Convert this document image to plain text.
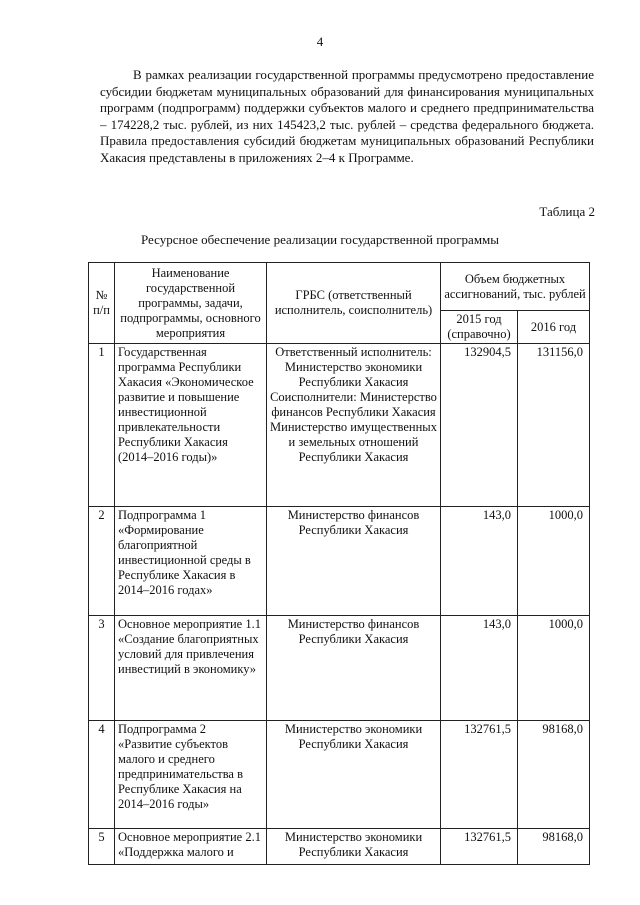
4

В рамках реализации государственной программы предусмотрено предоставление субсидии бюджетам муниципальных образований для финансирования муниципальных программ (подпрограмм) поддержки субъектов малого и среднего предпринимательства – 174228,2 тыс. рублей, из них 145423,2 тыс. рублей – средства федерального бюджета. Правила предоставления субсидий бюджетам муниципальных образований Республики Хакасия представлены в приложениях 2–4 к Программе.

Таблица 2
Ресурсное обеспечение реализации государственной программы
№ п/п	Наименование государственной программы, задачи, подпрограммы, основного мероприятия	ГРБС (ответственный исполнитель, соисполнитель)	Объем бюджетных ассигнований, тыс. рублей	
			2015 год (справочно)	2016 год
1	Государственная программа Республики Хакасия «Экономическое развитие и повышение инвестиционной привлекательности Республики Хакасия (2014–2016 годы)»	Ответственный исполнитель: Министерство экономики Республики Хакасия Соисполнители: Министерство финансов Республики Хакасия Министерство имущественных и земельных отношений Республики Хакасия	132904,5	131156,0
2	Подпрограмма 1 «Формирование благоприятной инвестиционной среды в Республике Хакасия в 2014–2016 годах»	Министерство финансов Республики Хакасия	143,0	1000,0
3	Основное мероприятие 1.1 «Создание благоприятных условий для привлечения инвестиций в экономику»	Министерство финансов Республики Хакасия	143,0	1000,0
4	Подпрограмма 2 «Развитие субъектов малого и среднего предпринимательства в Республике Хакасия на 2014–2016 годы»	Министерство экономики Республики Хакасия	132761,5	98168,0
5	Основное мероприятие 2.1 «Поддержка малого и	Министерство экономики Республики Хакасия	132761,5	98168,0
